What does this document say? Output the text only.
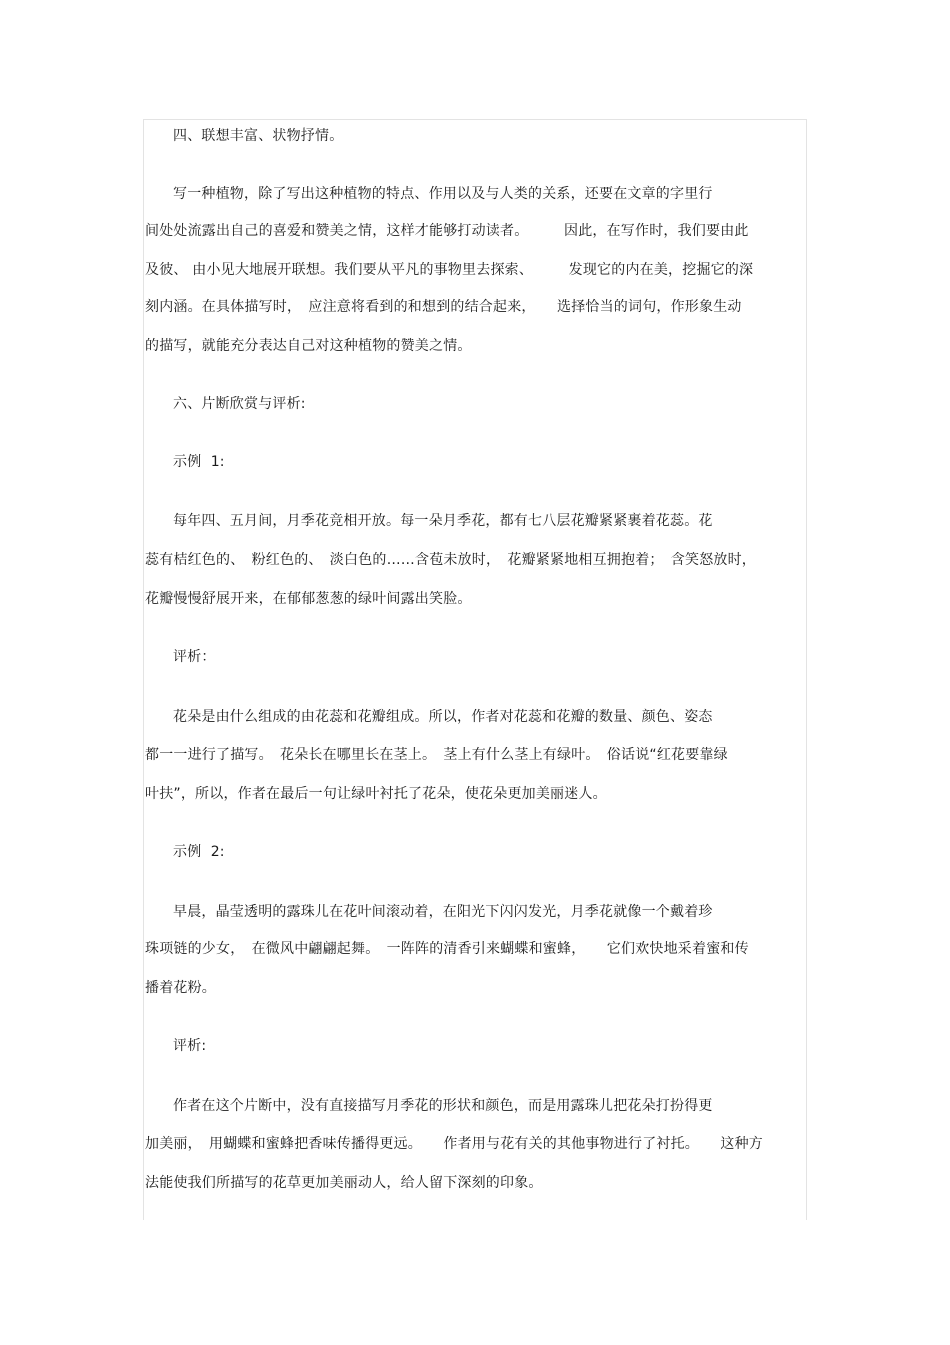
四、联想丰富、状物抒情。
写一种植物，除了写出这种植物的特点、作用以及与人类的关系，还要在文章的字里行
间处处流露出自己的喜爱和赞美之情，这样才能够打动读者。　　　因此，在写作时，我们要由此
及彼、 由小见大地展开联想。我们要从平凡的事物里去探索、　　　发现它的内在美，挖掘它的深
刻内涵。在具体描写时，　应注意将看到的和想到的结合起来，　　选择恰当的词句，作形象生动
的描写，就能充分表达自己对这种植物的赞美之情。
六、片断欣赏与评析:
示例  1:
每年四、五月间，月季花竞相开放。每一朵月季花，都有七八层花瓣紧紧裹着花蕊。花
蕊有桔红色的、　粉红色的、　淡白色的……含苞未放时，　花瓣紧紧地相互拥抱着；　含笑怒放时，
花瓣慢慢舒展开来，在郁郁葱葱的绿叶间露出笑脸。
评析：
花朵是由什么组成的由花蕊和花瓣组成。所以，作者对花蕊和花瓣的数量、颜色、姿态
都一一进行了描写。　花朵长在哪里长在茎上。　茎上有什么茎上有绿叶。　俗话说“红花要靠绿
叶扶”，所以，作者在最后一句让绿叶衬托了花朵，使花朵更加美丽迷人。
示例  2:
早晨，晶莹透明的露珠儿在花叶间滚动着，在阳光下闪闪发光，月季花就像一个戴着珍
珠项链的少女，　在微风中翩翩起舞。　一阵阵的清香引来蝴蝶和蜜蜂，　　它们欢快地采着蜜和传
播着花粉。
评析:
作者在这个片断中，没有直接描写月季花的形状和颜色，而是用露珠儿把花朵打扮得更
加美丽，　用蝴蝶和蜜蜂把香味传播得更远。　　作者用与花有关的其他事物进行了衬托。　　这种方
法能使我们所描写的花草更加美丽动人，给人留下深刻的印象。
